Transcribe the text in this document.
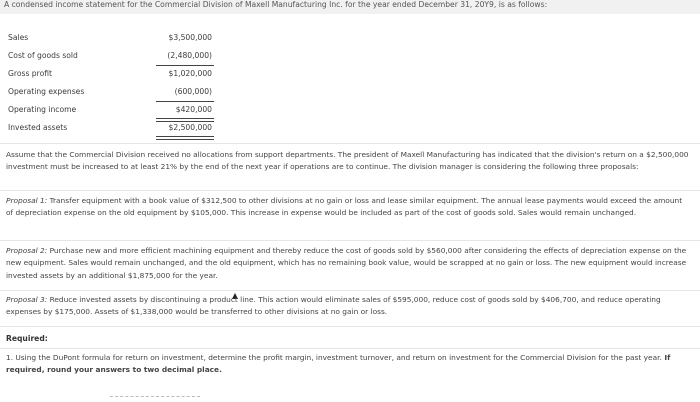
A condensed income statement for the Commercial Division of Maxell Manufacturing Inc. for the year ended December 31, 20Y9, is as follows:
Sales	$3,500,000
Cost of goods sold	(2,480,000)
Gross profit	$1,020,000
Operating expenses	(600,000)
Operating income	$420,000
Invested assets	$2,500,000
Assume that the Commercial Division received no allocations from support departments. The president of Maxell Manufacturing has indicated that the division's return on a $2,500,000 investment must be increased to at least 21% by the end of the next year if operations are to continue. The division manager is considering the following three proposals:
Proposal 1: Transfer equipment with a book value of $312,500 to other divisions at no gain or loss and lease similar equipment. The annual lease payments would exceed the amount of depreciation expense on the old equipment by $105,000. This increase in expense would be included as part of the cost of goods sold. Sales would remain unchanged.
Proposal 2: Purchase new and more efficient machining equipment and thereby reduce the cost of goods sold by $560,000 after considering the effects of depreciation expense on the new equipment. Sales would remain unchanged, and the old equipment, which has no remaining book value, would be scrapped at no gain or loss. The new equipment would increase invested assets by an additional $1,875,000 for the year.
Proposal 3: Reduce invested assets by discontinuing a product line. This action would eliminate sales of $595,000, reduce cost of goods sold by $406,700, and reduce operating expenses by $175,000. Assets of $1,338,000 would be transferred to other divisions at no gain or loss.
Required:
1. Using the DuPont formula for return on investment, determine the profit margin, investment turnover, and return on investment for the Commercial Division for the past year. If required, round your answers to two decimal place.
